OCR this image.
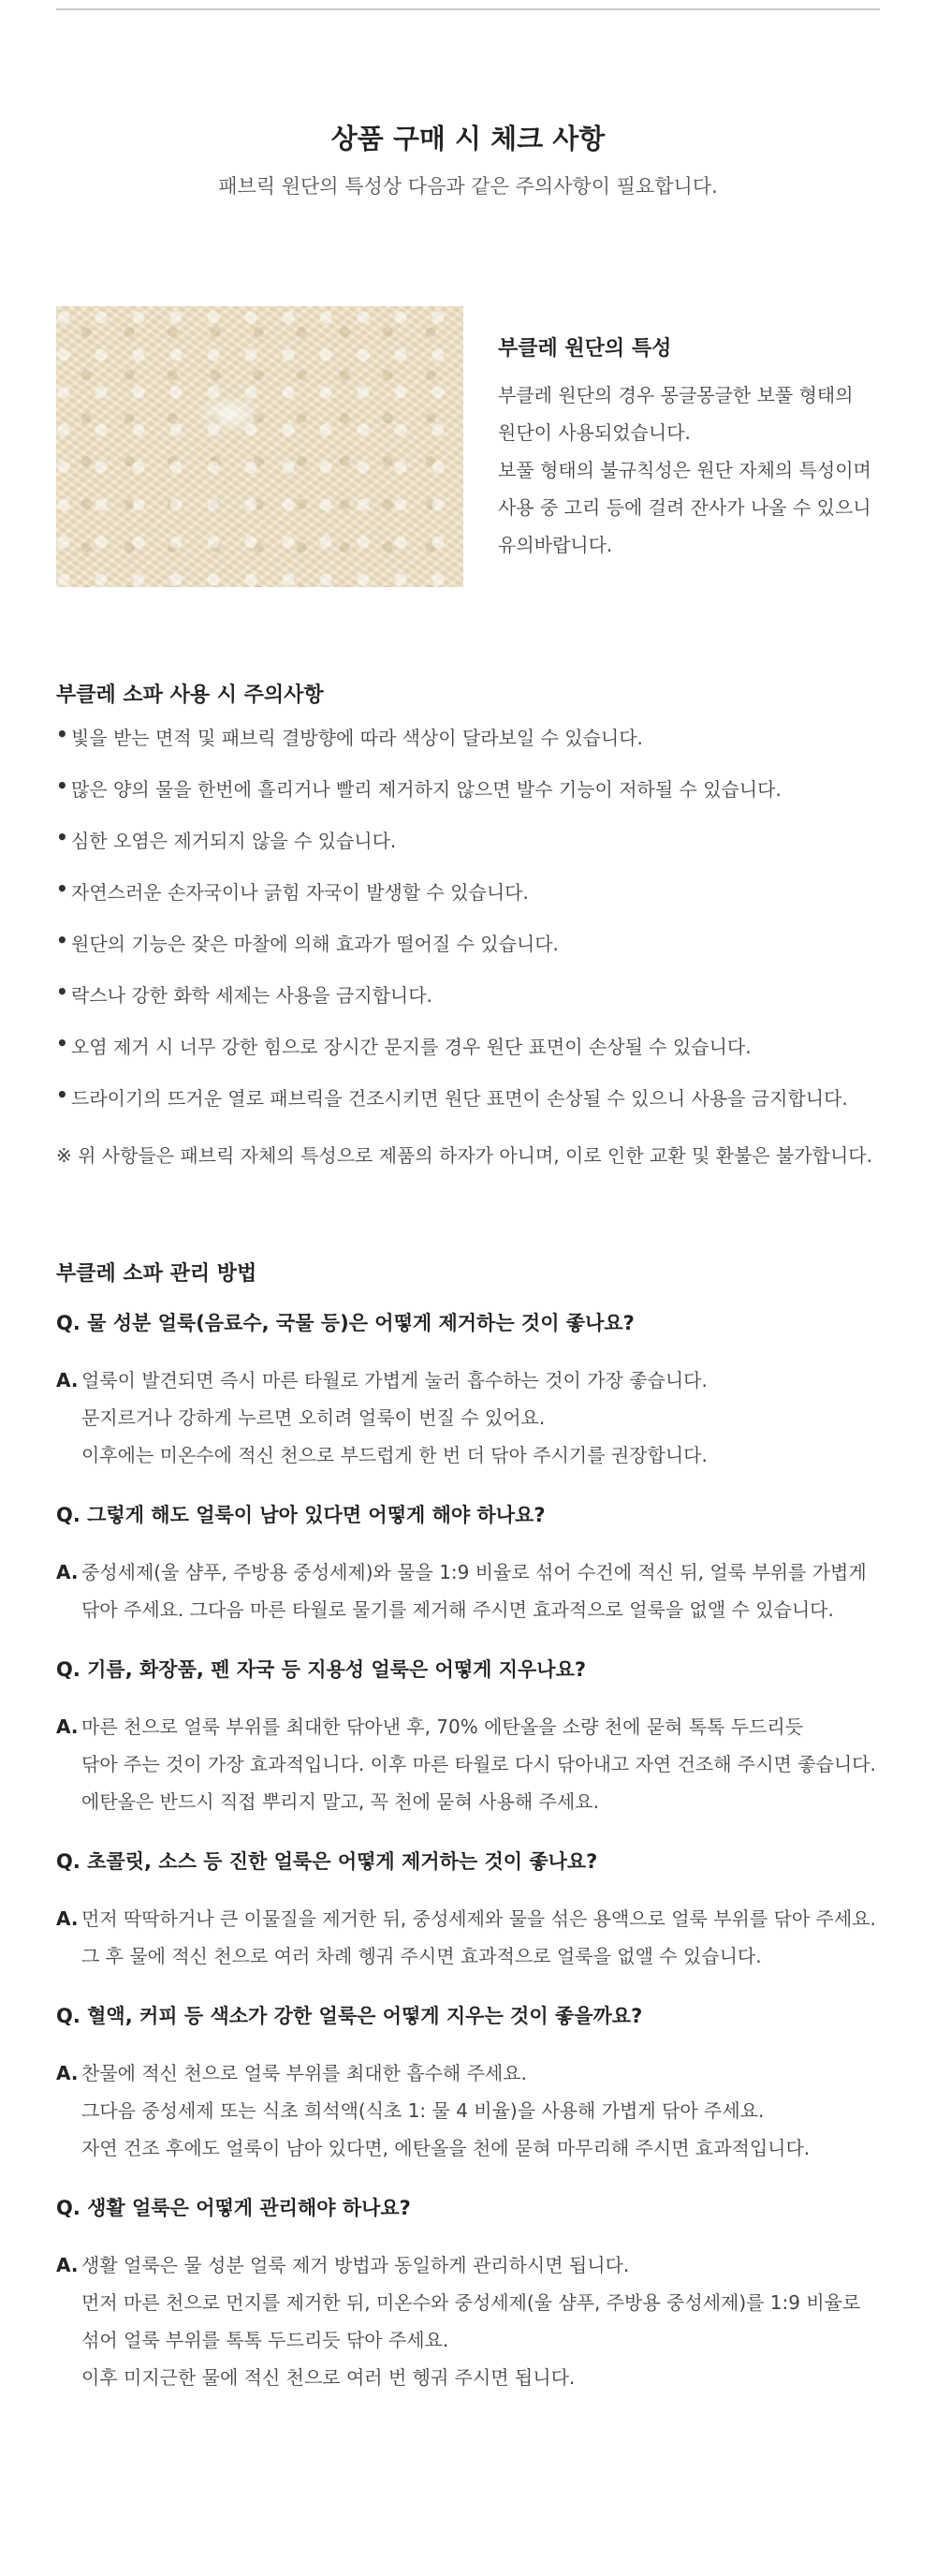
상품 구매 시 체크 사항

패브릭 원단의 특성상 다음과 같은 주의사항이 필요합니다.

부클레 원단의 특성

부클레 원단의 경우 몽글몽글한 보풀 형태의
원단이 사용되었습니다.
보풀 형태의 불규칙성은 원단 자체의 특성이며
사용 중 고리 등에 걸려 잔사가 나올 수 있으니
유의바랍니다.

부클레 소파 사용 시 주의사항
• 빛을 받는 면적 및 패브릭 결방향에 따라 색상이 달라보일 수 있습니다.
• 많은 양의 물을 한번에 흘리거나 빨리 제거하지 않으면 발수 기능이 저하될 수 있습니다.
• 심한 오염은 제거되지 않을 수 있습니다.
• 자연스러운 손자국이나 긁힘 자국이 발생할 수 있습니다.
• 원단의 기능은 잦은 마찰에 의해 효과가 떨어질 수 있습니다.
• 락스나 강한 화학 세제는 사용을 금지합니다.
• 오염 제거 시 너무 강한 힘으로 장시간 문지를 경우 원단 표면이 손상될 수 있습니다.
• 드라이기의 뜨거운 열로 패브릭을 건조시키면 원단 표면이 손상될 수 있으니 사용을 금지합니다.

※ 위 사항들은 패브릭 자체의 특성으로 제품의 하자가 아니며, 이로 인한 교환 및 환불은 불가합니다.

부클레 소파 관리 방법

Q. 물 성분 얼룩(음료수, 국물 등)은 어떻게 제거하는 것이 좋나요?

A. 얼룩이 발견되면 즉시 마른 타월로 가볍게 눌러 흡수하는 것이 가장 좋습니다.
문지르거나 강하게 누르면 오히려 얼룩이 번질 수 있어요.
이후에는 미온수에 적신 천으로 부드럽게 한 번 더 닦아 주시기를 권장합니다.

Q. 그렇게 해도 얼룩이 남아 있다면 어떻게 해야 하나요?

A. 중성세제(울 샴푸, 주방용 중성세제)와 물을 1:9 비율로 섞어 수건에 적신 뒤, 얼룩 부위를 가볍게
닦아 주세요. 그다음 마른 타월로 물기를 제거해 주시면 효과적으로 얼룩을 없앨 수 있습니다.

Q. 기름, 화장품, 펜 자국 등 지용성 얼룩은 어떻게 지우나요?

A. 마른 천으로 얼룩 부위를 최대한 닦아낸 후, 70% 에탄올을 소량 천에 묻혀 톡톡 두드리듯
닦아 주는 것이 가장 효과적입니다. 이후 마른 타월로 다시 닦아내고 자연 건조해 주시면 좋습니다.
에탄올은 반드시 직접 뿌리지 말고, 꼭 천에 묻혀 사용해 주세요.

Q. 초콜릿, 소스 등 진한 얼룩은 어떻게 제거하는 것이 좋나요?

A. 먼저 딱딱하거나 큰 이물질을 제거한 뒤, 중성세제와 물을 섞은 용액으로 얼룩 부위를 닦아 주세요.
그 후 물에 적신 천으로 여러 차례 헹궈 주시면 효과적으로 얼룩을 없앨 수 있습니다.

Q. 혈액, 커피 등 색소가 강한 얼룩은 어떻게 지우는 것이 좋을까요?

A. 찬물에 적신 천으로 얼룩 부위를 최대한 흡수해 주세요.
그다음 중성세제 또는 식초 희석액(식초 1: 물 4 비율)을 사용해 가볍게 닦아 주세요.
자연 건조 후에도 얼룩이 남아 있다면, 에탄올을 천에 묻혀 마무리해 주시면 효과적입니다.

Q. 생활 얼룩은 어떻게 관리해야 하나요?

A. 생활 얼룩은 물 성분 얼룩 제거 방법과 동일하게 관리하시면 됩니다.
먼저 마른 천으로 먼지를 제거한 뒤, 미온수와 중성세제(울 샴푸, 주방용 중성세제)를 1:9 비율로
섞어 얼룩 부위를 톡톡 두드리듯 닦아 주세요.
이후 미지근한 물에 적신 천으로 여러 번 헹궈 주시면 됩니다.
